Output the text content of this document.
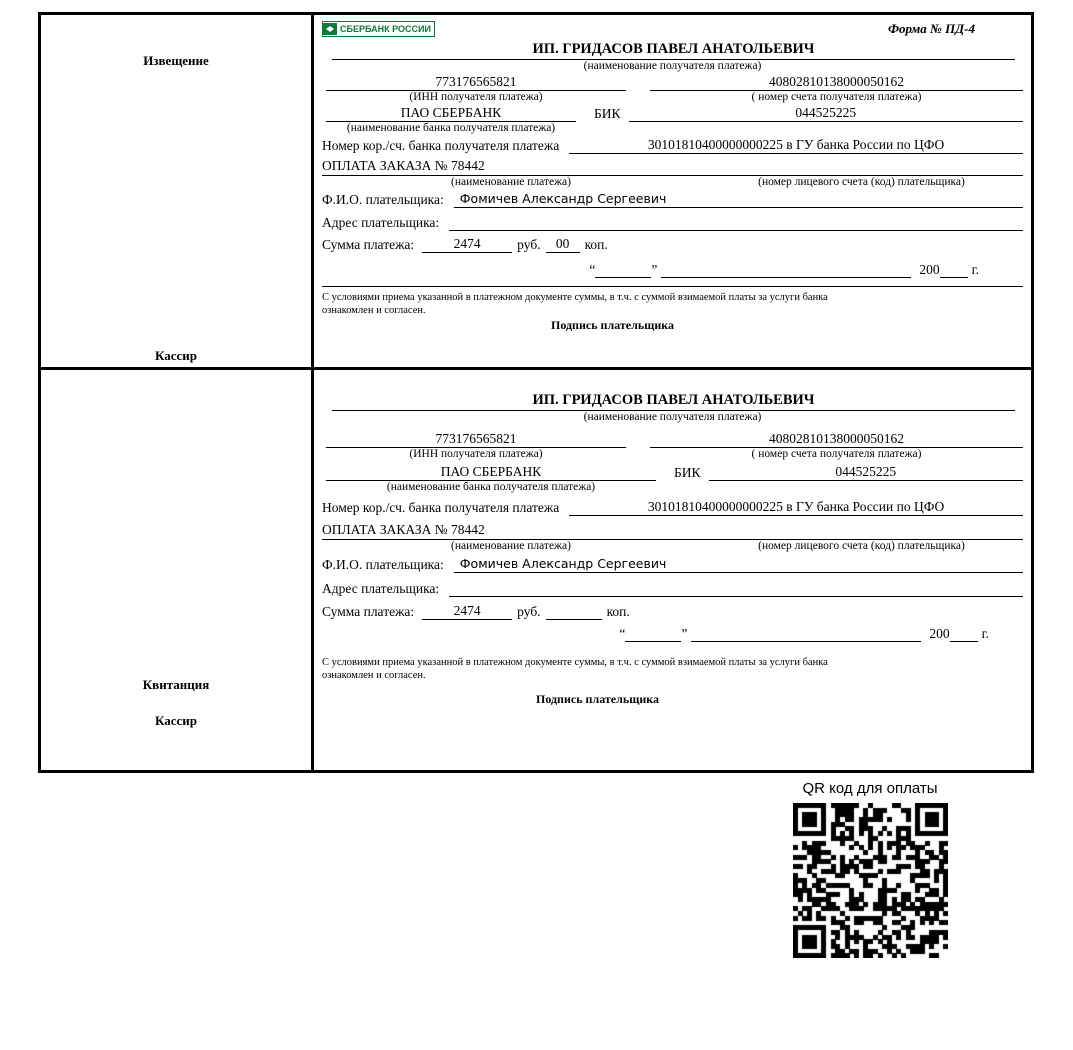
Извещение
Кассир
СБЕРБАНК РОССИИ	Форма № ПД-4
ИП. ГРИДАСОВ ПАВЕЛ АНАТОЛЬЕВИЧ
(наименование получателя платежа)
773176565821	40802810138000050162
(ИНН получателя платежа)	( номер счета получателя платежа)
ПАО СБЕРБАНК	БИК	044525225
(наименование банка получателя платежа)
Номер кор./сч. банка получателя платежа	30101810400000000225 в ГУ банка России по ЦФО
ОПЛАТА ЗАКАЗА № 78442
(наименование платежа)	(номер лицевого счета (код) плательщика)
Ф.И.О. плательщика:	Фомичев Александр Сергеевич
Адрес плательщика:
Сумма платежа:	2474	руб.	00	коп.
“	”	200 г.
С условиями приема указанной в платежном документе суммы, в т.ч. с суммой взимаемой платы за услуги банка
ознакомлен и согласен.
Подпись плательщика
Квитанция
Кассир
ИП. ГРИДАСОВ ПАВЕЛ АНАТОЛЬЕВИЧ
(наименование получателя платежа)
773176565821	40802810138000050162
(ИНН получателя платежа)	( номер счета получателя платежа)
ПАО СБЕРБАНК	БИК	044525225
(наименование банка получателя платежа)
Номер кор./сч. банка получателя платежа	30101810400000000225 в ГУ банка России по ЦФО
ОПЛАТА ЗАКАЗА № 78442
(наименование платежа)	(номер лицевого счета (код) плательщика)
Ф.И.О. плательщика:	Фомичев Александр Сергеевич
Адрес плательщика:
Сумма платежа:	2474	руб.	коп.
“	”	200 г.
С условиями приема указанной в платежном документе суммы, в т.ч. с суммой взимаемой платы за услуги банка
ознакомлен и согласен.
Подпись плательщика
QR код для оплаты
